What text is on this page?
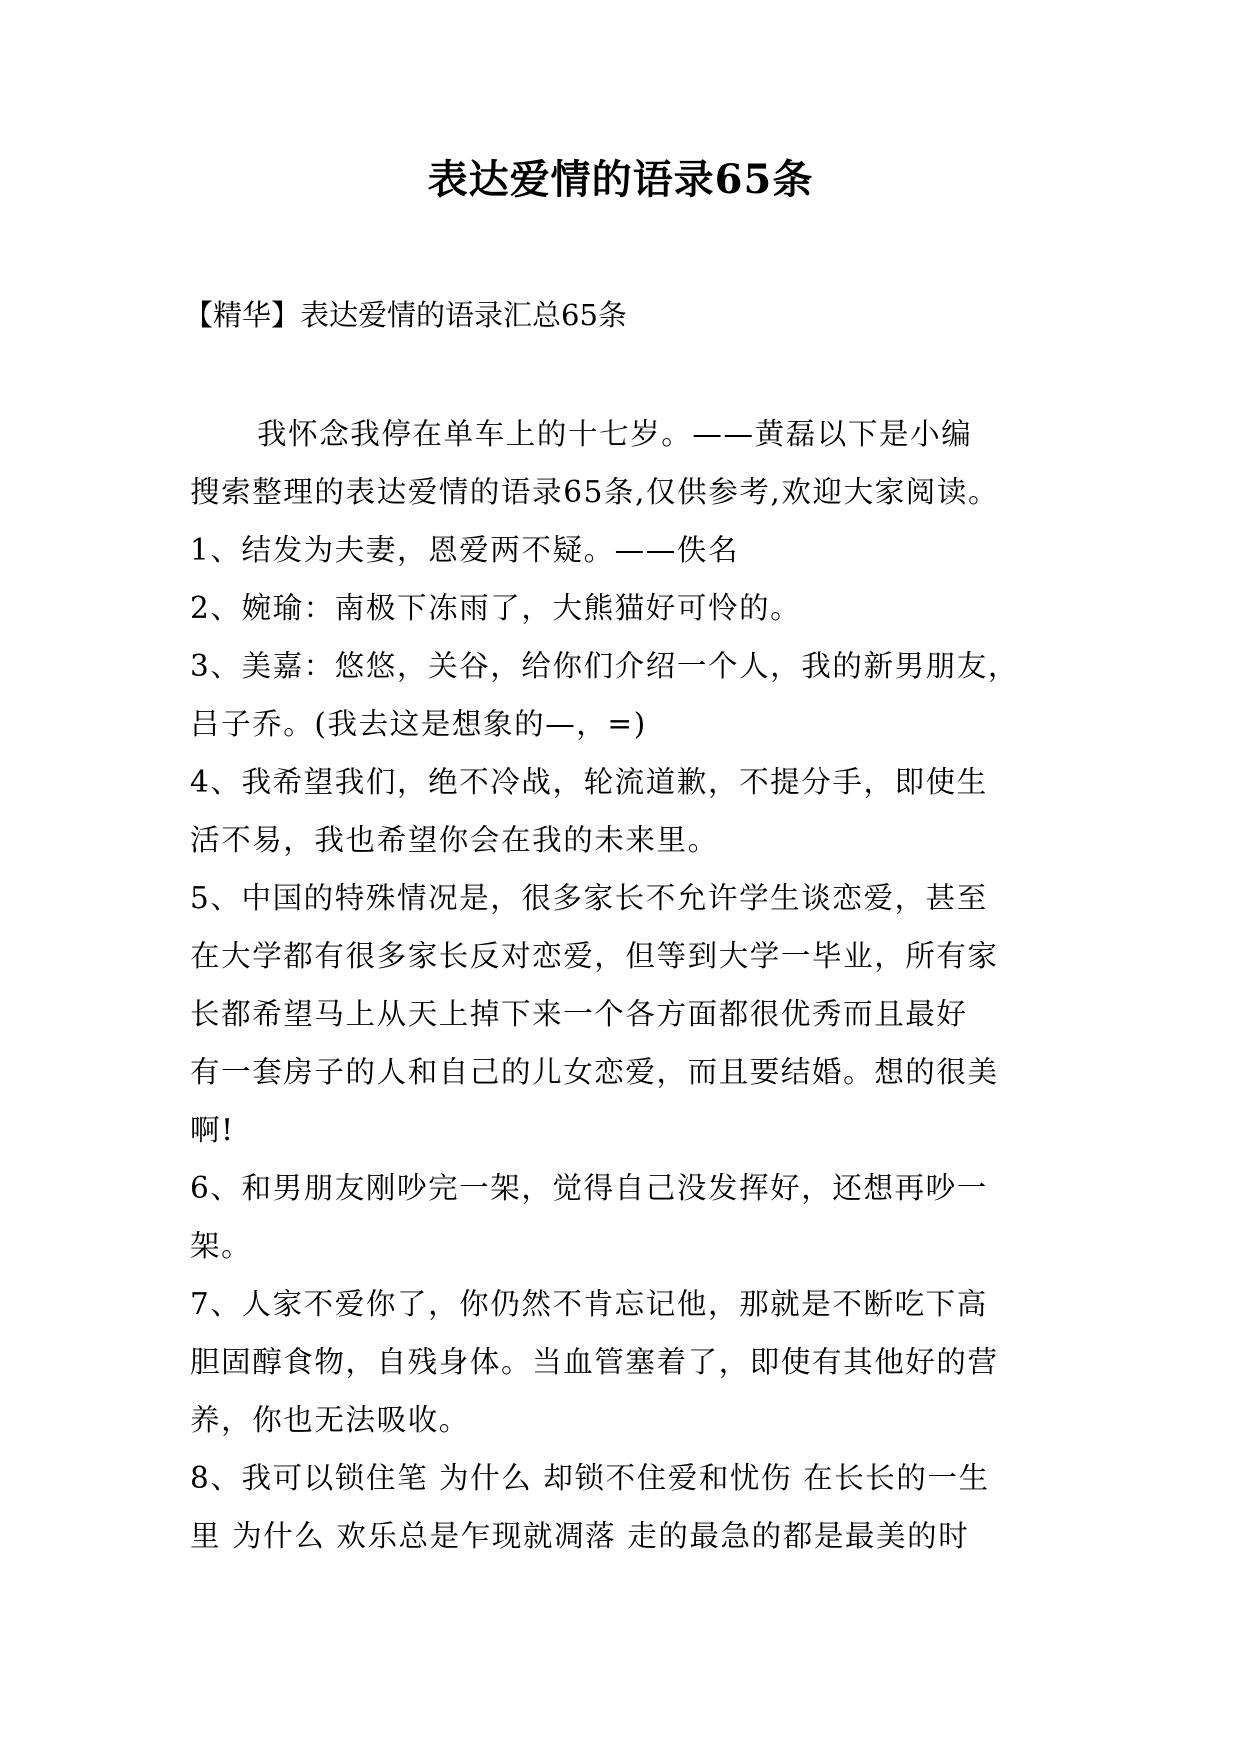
表达爱情的语录65条
【精华】表达爱情的语录汇总65条
我怀念我停在单车上的十七岁。——黄磊以下是小编
搜索整理的表达爱情的语录65条,仅供参考,欢迎大家阅读。
1、结发为夫妻，恩爱两不疑。——佚名
2、婉瑜：南极下冻雨了，大熊猫好可怜的。
3、美嘉：悠悠，关谷，给你们介绍一个人，我的新男朋友，
吕子乔。(我去这是想象的—，=)
4、我希望我们，绝不冷战，轮流道歉，不提分手，即使生
活不易，我也希望你会在我的未来里。
5、中国的特殊情况是，很多家长不允许学生谈恋爱，甚至
在大学都有很多家长反对恋爱，但等到大学一毕业，所有家
长都希望马上从天上掉下来一个各方面都很优秀而且最好
有一套房子的人和自己的儿女恋爱，而且要结婚。想的很美
啊!
6、和男朋友刚吵完一架，觉得自己没发挥好，还想再吵一
架。
7、人家不爱你了，你仍然不肯忘记他，那就是不断吃下高
胆固醇食物，自残身体。当血管塞着了，即使有其他好的营
养，你也无法吸收。
8、我可以锁住笔 为什么 却锁不住爱和忧伤 在长长的一生
里 为什么 欢乐总是乍现就凋落 走的最急的都是最美的时
